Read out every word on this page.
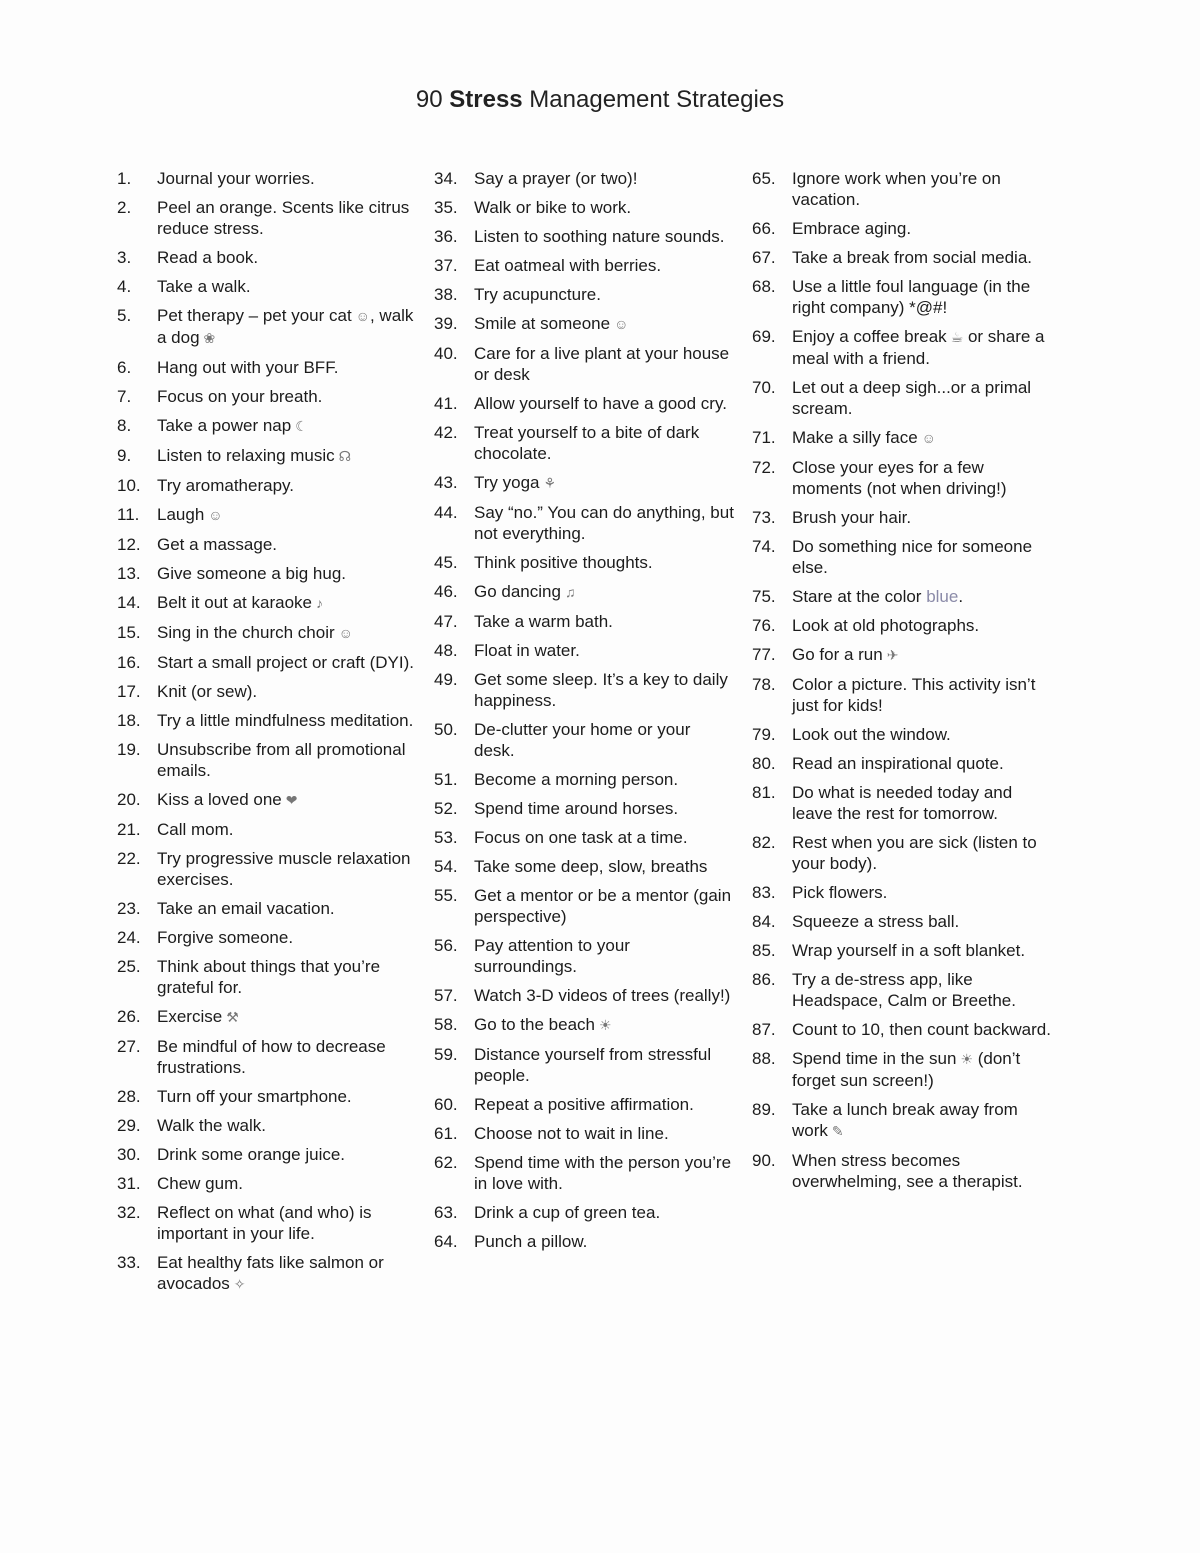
90 Stress Management Strategies
1.	Journal your worries.
2.	Peel an orange. Scents like citrus reduce stress.
3.	Read a book.
4.	Take a walk.
5.	Pet therapy – pet your cat ☺, walk a dog ❀
6.	Hang out with your BFF.
7.	Focus on your breath.
8.	Take a power nap ☾
9.	Listen to relaxing music ☊
10. Try aromatherapy.
11.	Laugh ☺
12. Get a massage.
13. Give someone a big hug.
14. Belt it out at karaoke ♪
15. Sing in the church choir ☺
16. Start a small project or craft (DYI).
17. Knit (or sew).
18. Try a little mindfulness meditation.
19. Unsubscribe from all promotional emails.
20. Kiss a loved one ❤
21. Call mom.
22. Try progressive muscle relaxation exercises.
23. Take an email vacation.
24. Forgive someone.
25. Think about things that you’re grateful for.
26. Exercise ⚒
27. Be mindful of how to decrease frustrations.
28. Turn off your smartphone.
29. Walk the walk.
30. Drink some orange juice.
31. Chew gum.
32. Reflect on what (and who) is important in your life.
33. Eat healthy fats like salmon or avocados ✧
34. Say a prayer (or two)!
35. Walk or bike to work.
36. Listen to soothing nature sounds.
37. Eat oatmeal with berries.
38. Try acupuncture.
39. Smile at someone ☺
40. Care for a live plant at your house or desk
41. Allow yourself to have a good cry.
42. Treat yourself to a bite of dark chocolate.
43. Try yoga ⚘
44. Say “no.” You can do anything, but not everything.
45. Think positive thoughts.
46. Go dancing ♫
47. Take a warm bath.
48. Float in water.
49. Get some sleep. It’s a key to daily happiness.
50. De-clutter your home or your desk.
51. Become a morning person.
52. Spend time around horses.
53. Focus on one task at a time.
54. Take some deep, slow, breaths
55. Get a mentor or be a mentor (gain perspective)
56. Pay attention to your surroundings.
57. Watch 3-D videos of trees (really!)
58. Go to the beach ☀
59. Distance yourself from stressful people.
60. Repeat a positive affirmation.
61. Choose not to wait in line.
62. Spend time with the person you’re in love with.
63. Drink a cup of green tea.
64. Punch a pillow.
65. Ignore work when you’re on vacation.
66. Embrace aging.
67. Take a break from social media.
68. Use a little foul language (in the right company) *@#!
69. Enjoy a coffee break ☕ or share a meal with a friend.
70. Let out a deep sigh...or a primal scream.
71. Make a silly face ☺
72. Close your eyes for a few moments (not when driving!)
73. Brush your hair.
74. Do something nice for someone else.
75. Stare at the color blue.
76. Look at old photographs.
77. Go for a run ✈
78. Color a picture. This activity isn’t just for kids!
79. Look out the window.
80. Read an inspirational quote.
81. Do what is needed today and leave the rest for tomorrow.
82. Rest when you are sick (listen to your body).
83. Pick flowers.
84. Squeeze a stress ball.
85. Wrap yourself in a soft blanket.
86. Try a de-stress app, like Headspace, Calm or Breethe.
87. Count to 10, then count backward.
88. Spend time in the sun ☀ (don’t forget sun screen!)
89. Take a lunch break away from work ✎
90. When stress becomes overwhelming, see a therapist.
